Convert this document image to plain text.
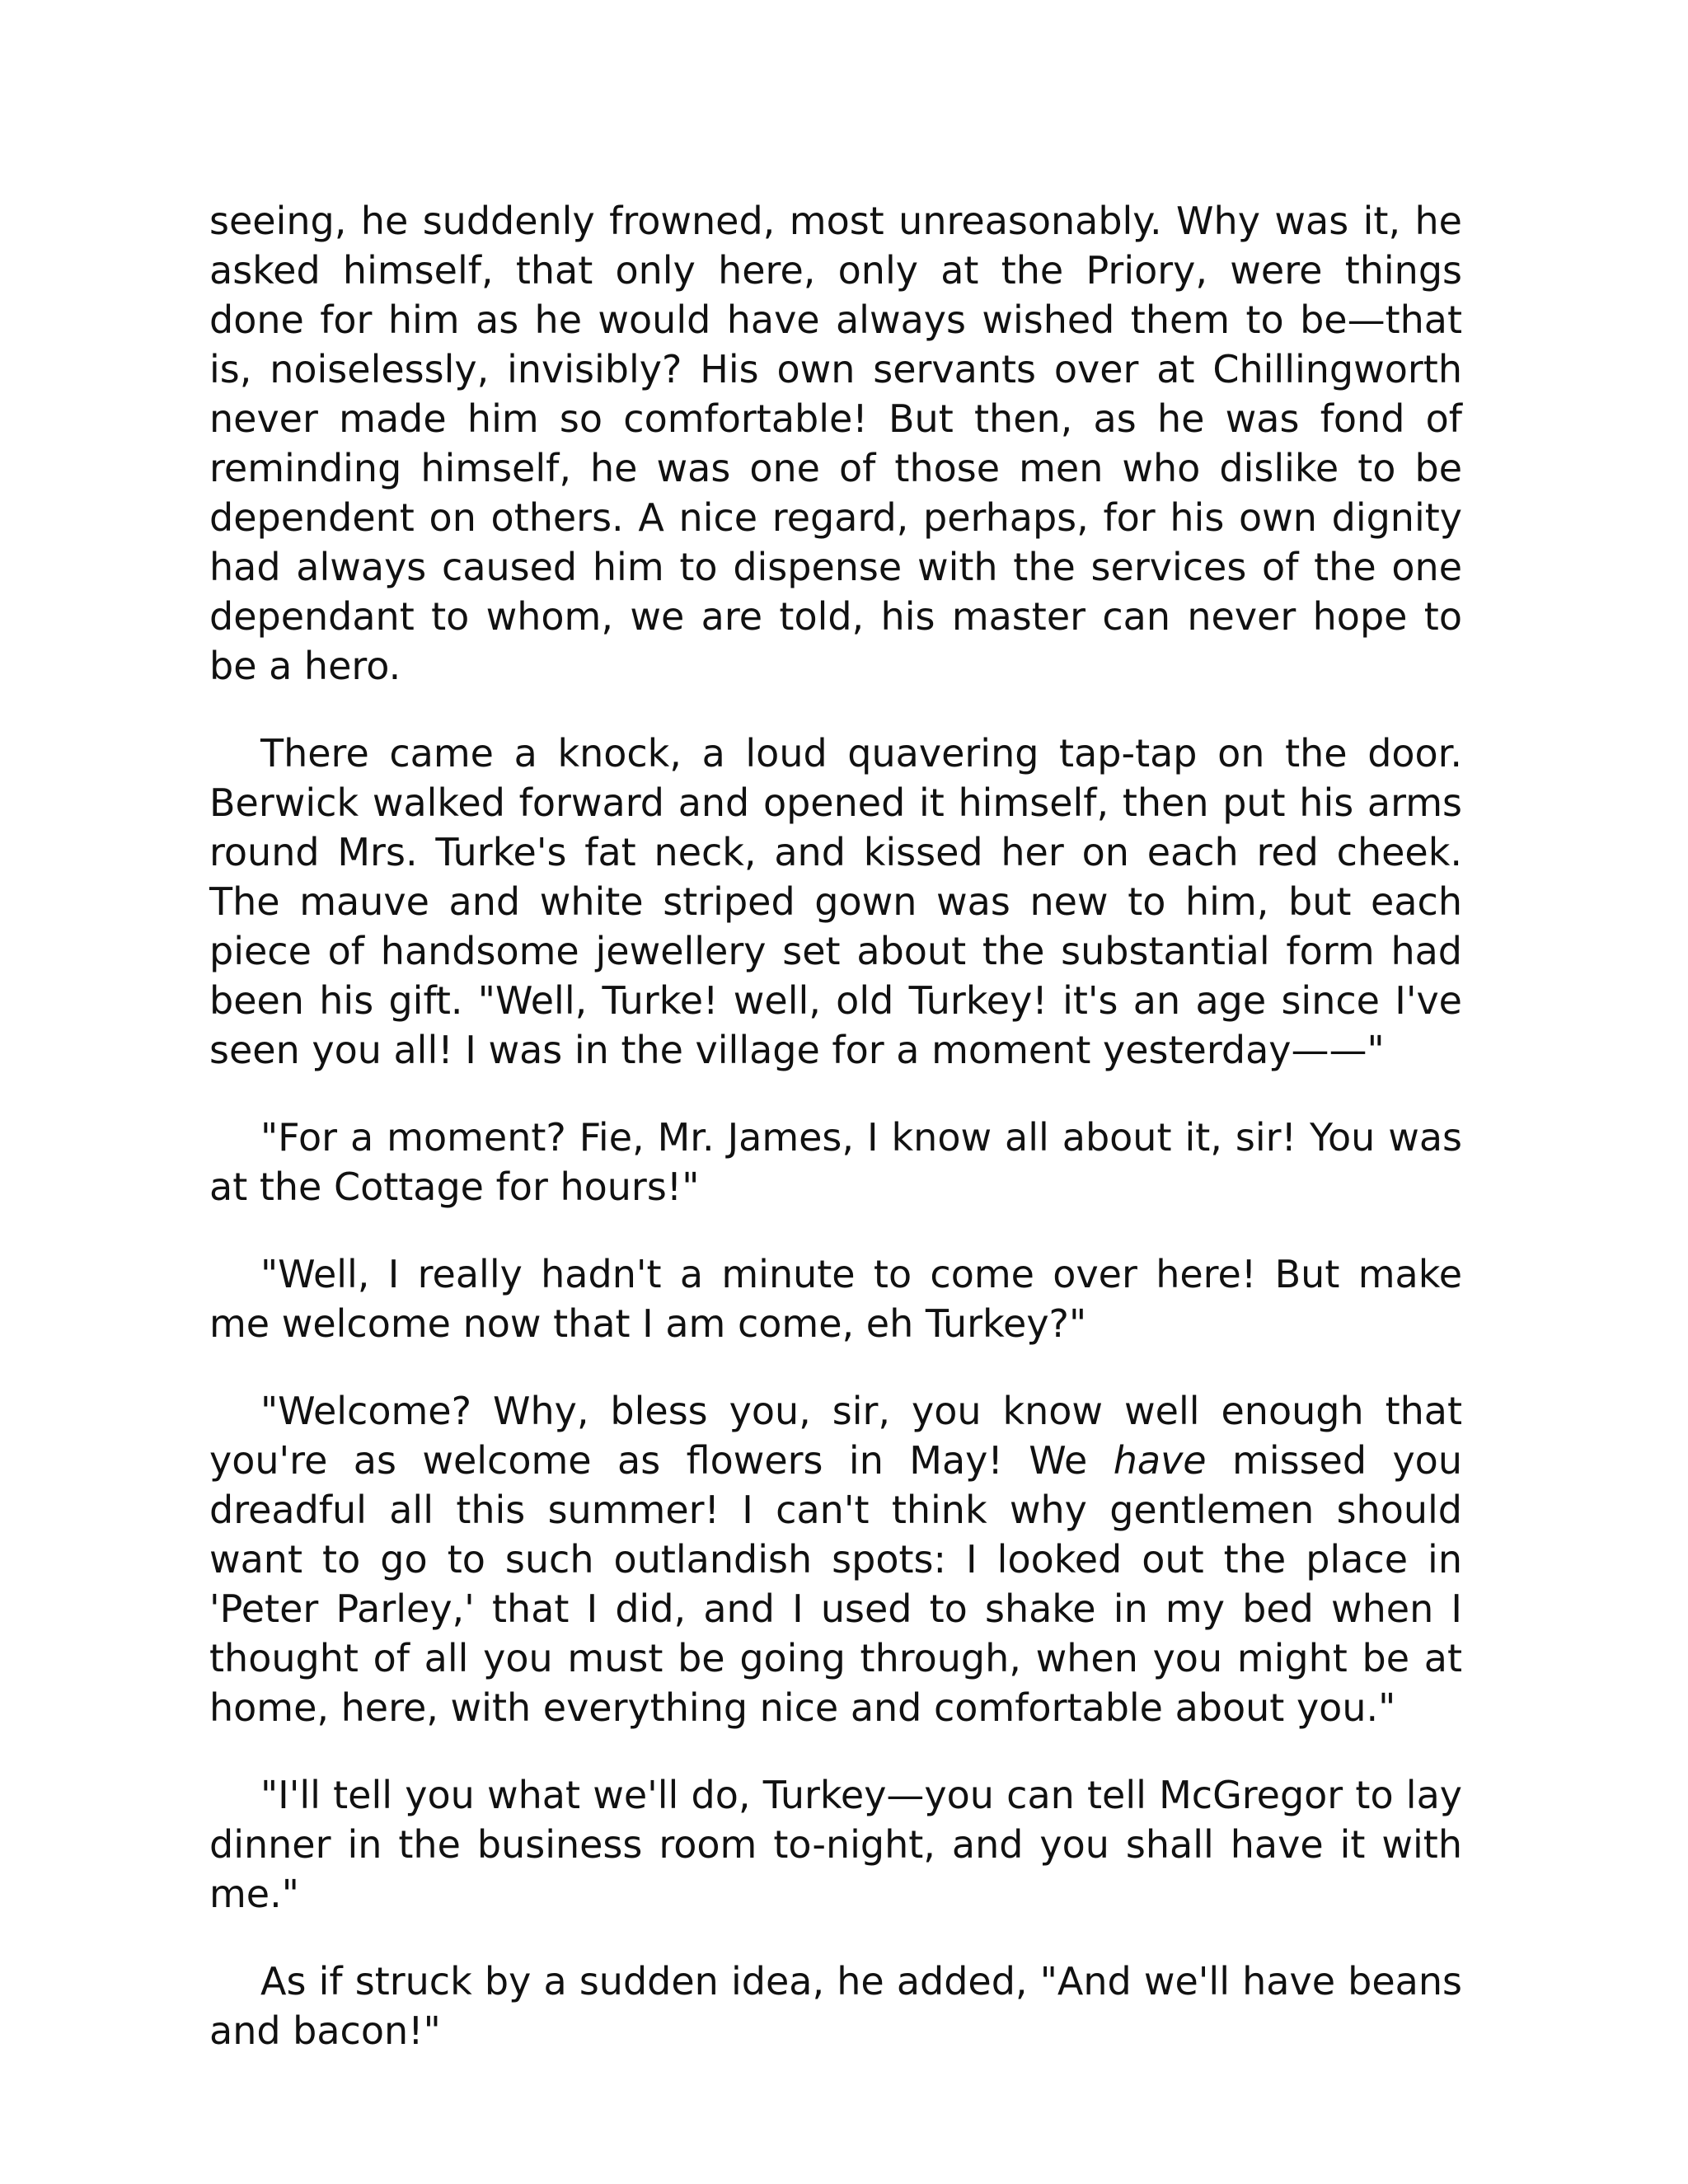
seeing, he suddenly frowned, most unreasonably. Why was it, he asked himself, that only here, only at the Priory, were things done for him as he would have always wished them to be—that is, noiselessly, invisibly? His own servants over at Chillingworth never made him so comfortable! But then, as he was fond of reminding himself, he was one of those men who dislike to be dependent on others. A nice regard, perhaps, for his own dignity had always caused him to dispense with the services of the one dependant to whom, we are told, his master can never hope to be a hero.

There came a knock, a loud quavering tap-tap on the door. Berwick walked forward and opened it himself, then put his arms round Mrs. Turke's fat neck, and kissed her on each red cheek. The mauve and white striped gown was new to him, but each piece of handsome jewellery set about the substantial form had been his gift. "Well, Turke! well, old Turkey! it's an age since I've seen you all! I was in the village for a moment yesterday——"

"For a moment? Fie, Mr. James, I know all about it, sir! You was at the Cottage for hours!"

"Well, I really hadn't a minute to come over here! But make me welcome now that I am come, eh Turkey?"

"Welcome? Why, bless you, sir, you know well enough that you're as welcome as flowers in May! We have missed you dreadful all this summer! I can't think why gentlemen should want to go to such outlandish spots: I looked out the place in 'Peter Parley,' that I did, and I used to shake in my bed when I thought of all you must be going through, when you might be at home, here, with everything nice and comfortable about you."

"I'll tell you what we'll do, Turkey—you can tell McGregor to lay dinner in the business room to-night, and you shall have it with me."

As if struck by a sudden idea, he added, "And we'll have beans and bacon!"
